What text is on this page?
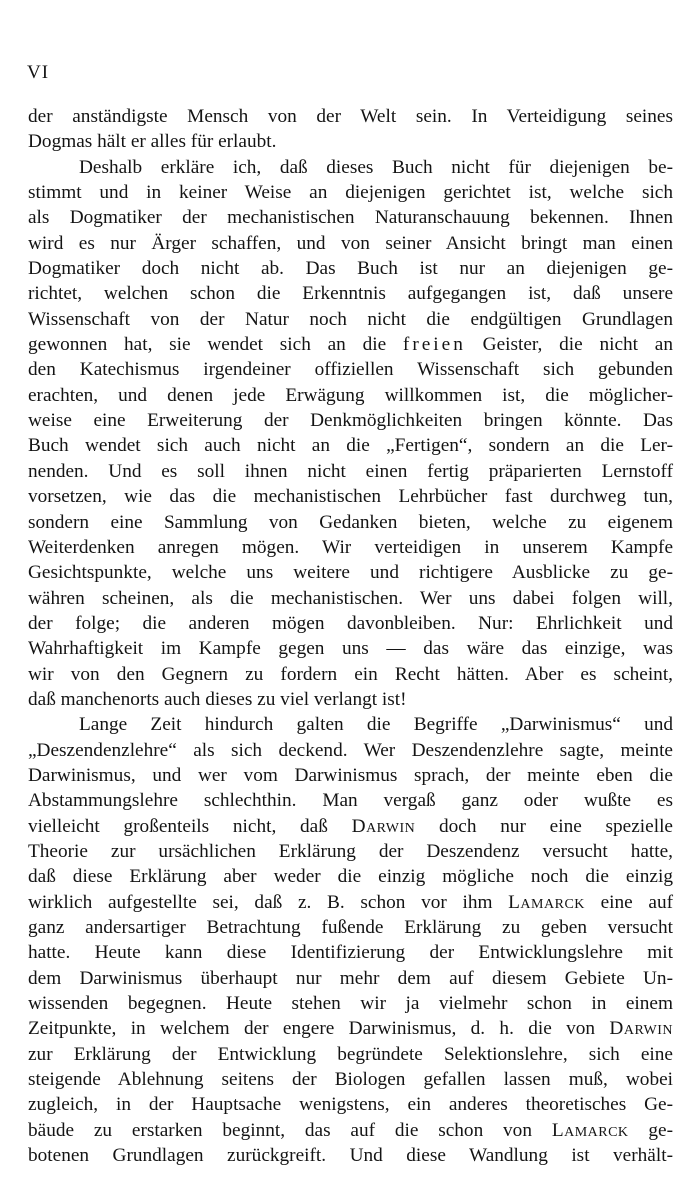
VI
der anständigste Mensch von der Welt sein. In Verteidigung seines
Dogmas hält er alles für erlaubt.
Deshalb erkläre ich, daß dieses Buch nicht für diejenigen be-
stimmt und in keiner Weise an diejenigen gerichtet ist, welche sich
als Dogmatiker der mechanistischen Naturanschauung bekennen. Ihnen
wird es nur Ärger schaffen, und von seiner Ansicht bringt man einen
Dogmatiker doch nicht ab. Das Buch ist nur an diejenigen ge-
richtet, welchen schon die Erkenntnis aufgegangen ist, daß unsere
Wissenschaft von der Natur noch nicht die endgültigen Grundlagen
gewonnen hat, sie wendet sich an die freien Geister, die nicht an
den Katechismus irgendeiner offiziellen Wissenschaft sich gebunden
erachten, und denen jede Erwägung willkommen ist, die möglicher-
weise eine Erweiterung der Denkmöglichkeiten bringen könnte. Das
Buch wendet sich auch nicht an die „Fertigen“, sondern an die Ler-
nenden. Und es soll ihnen nicht einen fertig präparierten Lernstoff
vorsetzen, wie das die mechanistischen Lehrbücher fast durchweg tun,
sondern eine Sammlung von Gedanken bieten, welche zu eigenem
Weiterdenken anregen mögen. Wir verteidigen in unserem Kampfe
Gesichtspunkte, welche uns weitere und richtigere Ausblicke zu ge-
währen scheinen, als die mechanistischen. Wer uns dabei folgen will,
der folge; die anderen mögen davonbleiben. Nur: Ehrlichkeit und
Wahrhaftigkeit im Kampfe gegen uns — das wäre das einzige, was
wir von den Gegnern zu fordern ein Recht hätten. Aber es scheint,
daß manchenorts auch dieses zu viel verlangt ist!
Lange Zeit hindurch galten die Begriffe „Darwinismus“ und
„Deszendenzlehre“ als sich deckend. Wer Deszendenzlehre sagte, meinte
Darwinismus, und wer vom Darwinismus sprach, der meinte eben die
Abstammungslehre schlechthin. Man vergaß ganz oder wußte es
vielleicht großenteils nicht, daß Darwin doch nur eine spezielle
Theorie zur ursächlichen Erklärung der Deszendenz versucht hatte,
daß diese Erklärung aber weder die einzig mögliche noch die einzig
wirklich aufgestellte sei, daß z. B. schon vor ihm Lamarck eine auf
ganz andersartiger Betrachtung fußende Erklärung zu geben versucht
hatte. Heute kann diese Identifizierung der Entwicklungslehre mit
dem Darwinismus überhaupt nur mehr dem auf diesem Gebiete Un-
wissenden begegnen. Heute stehen wir ja vielmehr schon in einem
Zeitpunkte, in welchem der engere Darwinismus, d. h. die von Darwin
zur Erklärung der Entwicklung begründete Selektionslehre, sich eine
steigende Ablehnung seitens der Biologen gefallen lassen muß, wobei
zugleich, in der Hauptsache wenigstens, ein anderes theoretisches Ge-
bäude zu erstarken beginnt, das auf die schon von Lamarck ge-
botenen Grundlagen zurückgreift. Und diese Wandlung ist verhält-
